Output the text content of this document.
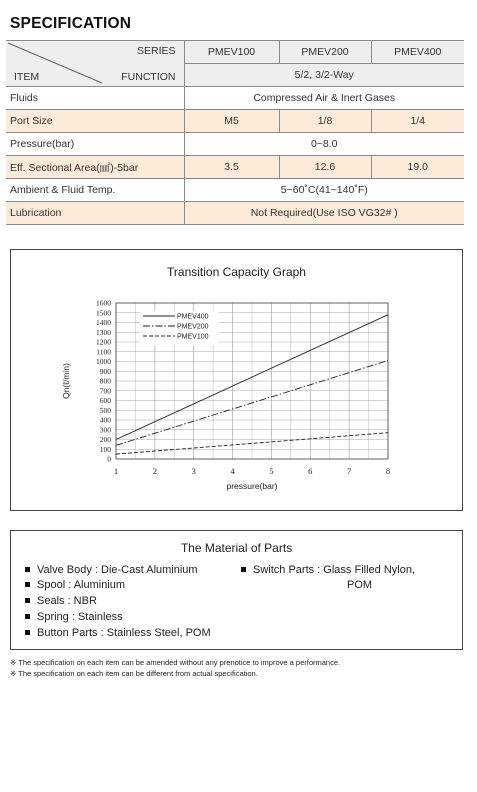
SPECIFICATION
SERIES
ITEM FUNCTION	PMEV100	PMEV200	PMEV400
	5/2, 3/2-Way		
Fluids	Compressed Air & Inert Gases		
Port Size	M5	1/8	1/4
Pressure(bar)	0~8.0		
Eff. Sectional Area(㎟)-5bar	3.5	12.6	19.0
Ambient & Fluid Temp.	5~60˚C(41~140˚F)		
Lubrication	Not Required(Use ISO VG32# )		
Transition Capacity Graph
0
100
200
300
400
500
600
700
800
900
1000
1100
1200
1300
1400
1500
1600
1	2	3	4	5	6	7	8
pressure(bar)
Qn(ℓ/min)
PMEV400
PMEV200
PMEV100
The Material of Parts
Valve Body : Die-Cast Aluminium
Spool : Aluminium
Seals : NBR
Spring : Stainless
Button Parts : Stainless Steel, POM
Switch Parts : Glass Filled Nylon,
POM
※ The specification on each item can be amended without any prenotice to improve a performance.
※ The specification on each item can be different from actual specification.
